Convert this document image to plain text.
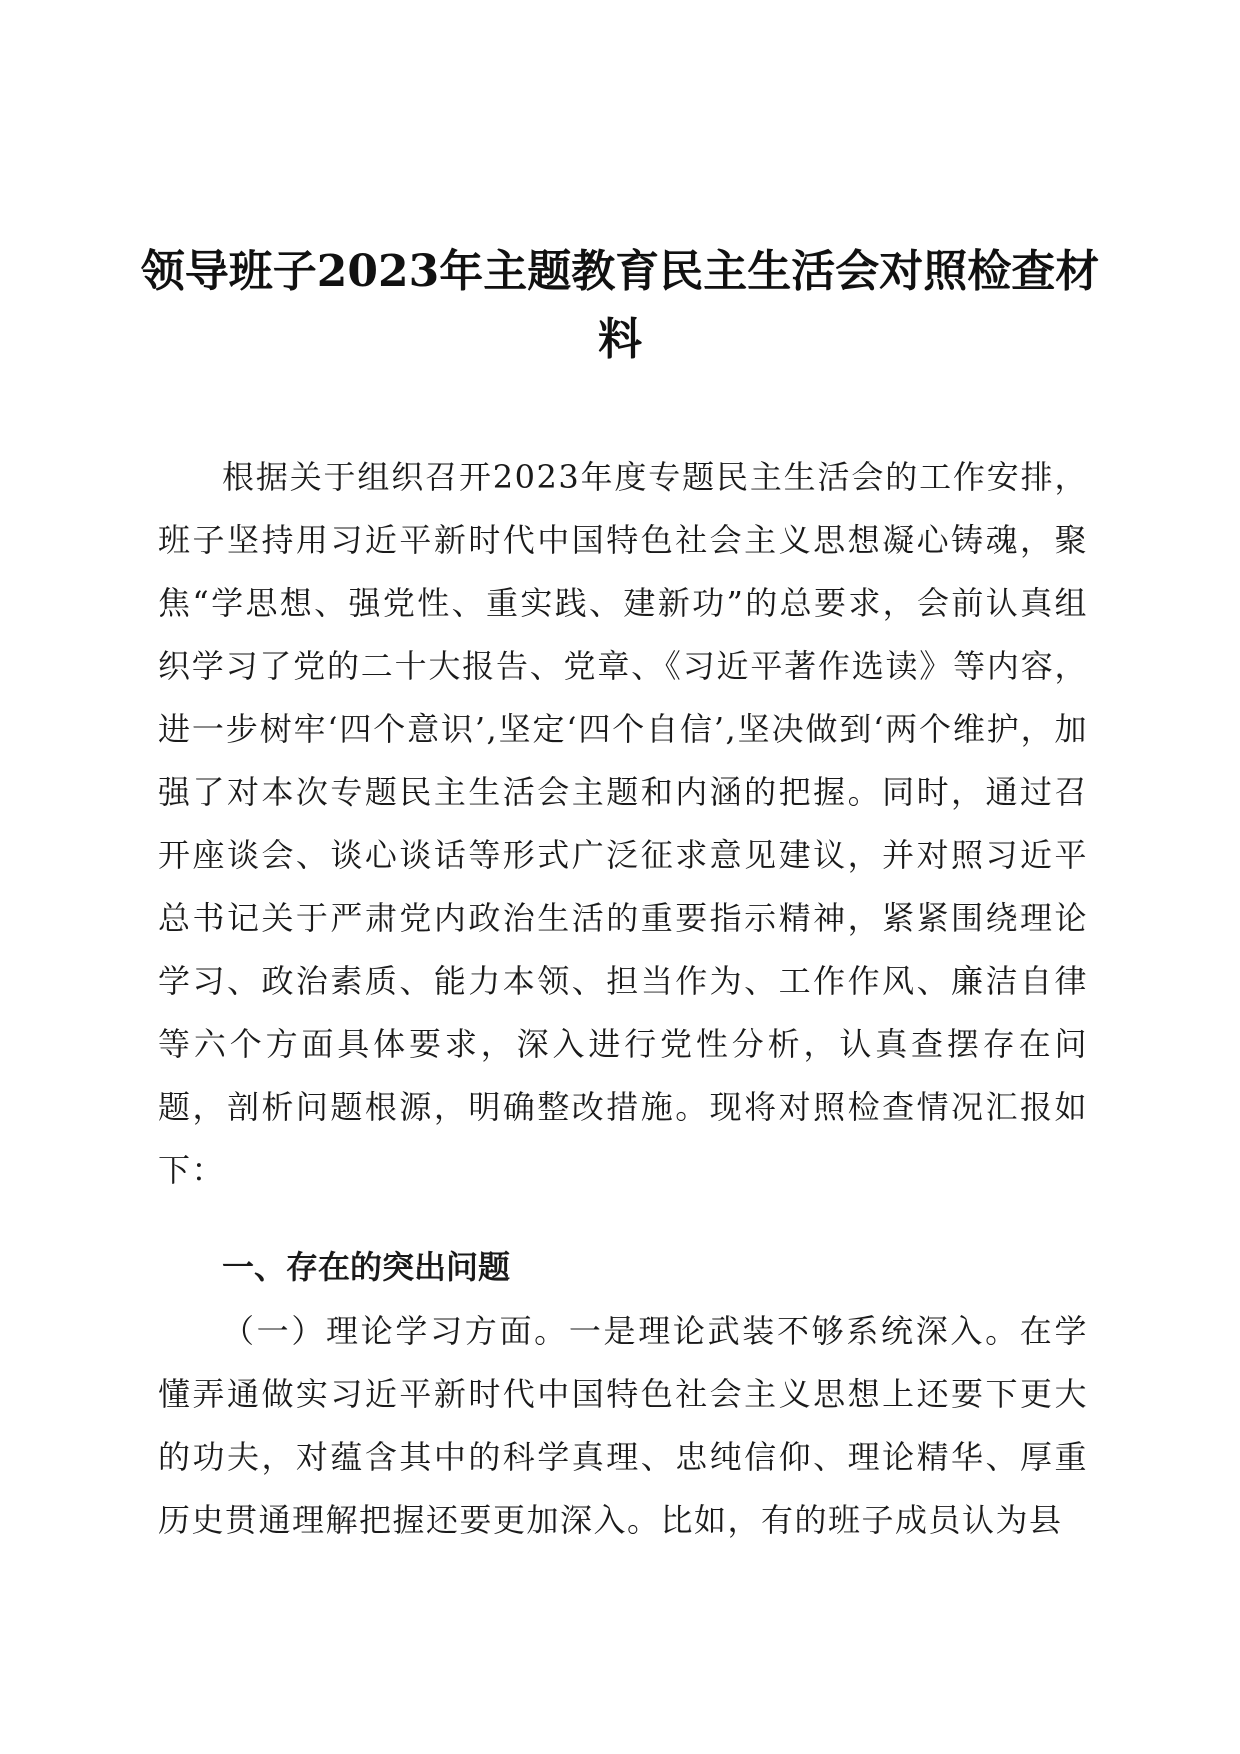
领导班子2023年主题教育民主生活会对照检查材料

根据关于组织召开2023年度专题民主生活会的工作安排，班子坚持用习近平新时代中国特色社会主义思想凝心铸魂，聚焦“学思想、强党性、重实践、建新功”的总要求，会前认真组织学习了党的二十大报告、党章、《习近平著作选读》等内容，进一步树牢‘四个意识’,坚定‘四个自信’,坚决做到‘两个维护，加强了对本次专题民主生活会主题和内涵的把握。同时，通过召开座谈会、谈心谈话等形式广泛征求意见建议，并对照习近平总书记关于严肃党内政治生活的重要指示精神，紧紧围绕理论学习、政治素质、能力本领、担当作为、工作作风、廉洁自律等六个方面具体要求，深入进行党性分析，认真查摆存在问题，剖析问题根源，明确整改措施。现将对照检查情况汇报如下：

一、存在的突出问题

（一）理论学习方面。一是理论武装不够系统深入。在学懂弄通做实习近平新时代中国特色社会主义思想上还要下更大的功夫，对蕴含其中的科学真理、忠纯信仰、理论精华、厚重历史贯通理解把握还要更加深入。比如，有的班子成员认为县
